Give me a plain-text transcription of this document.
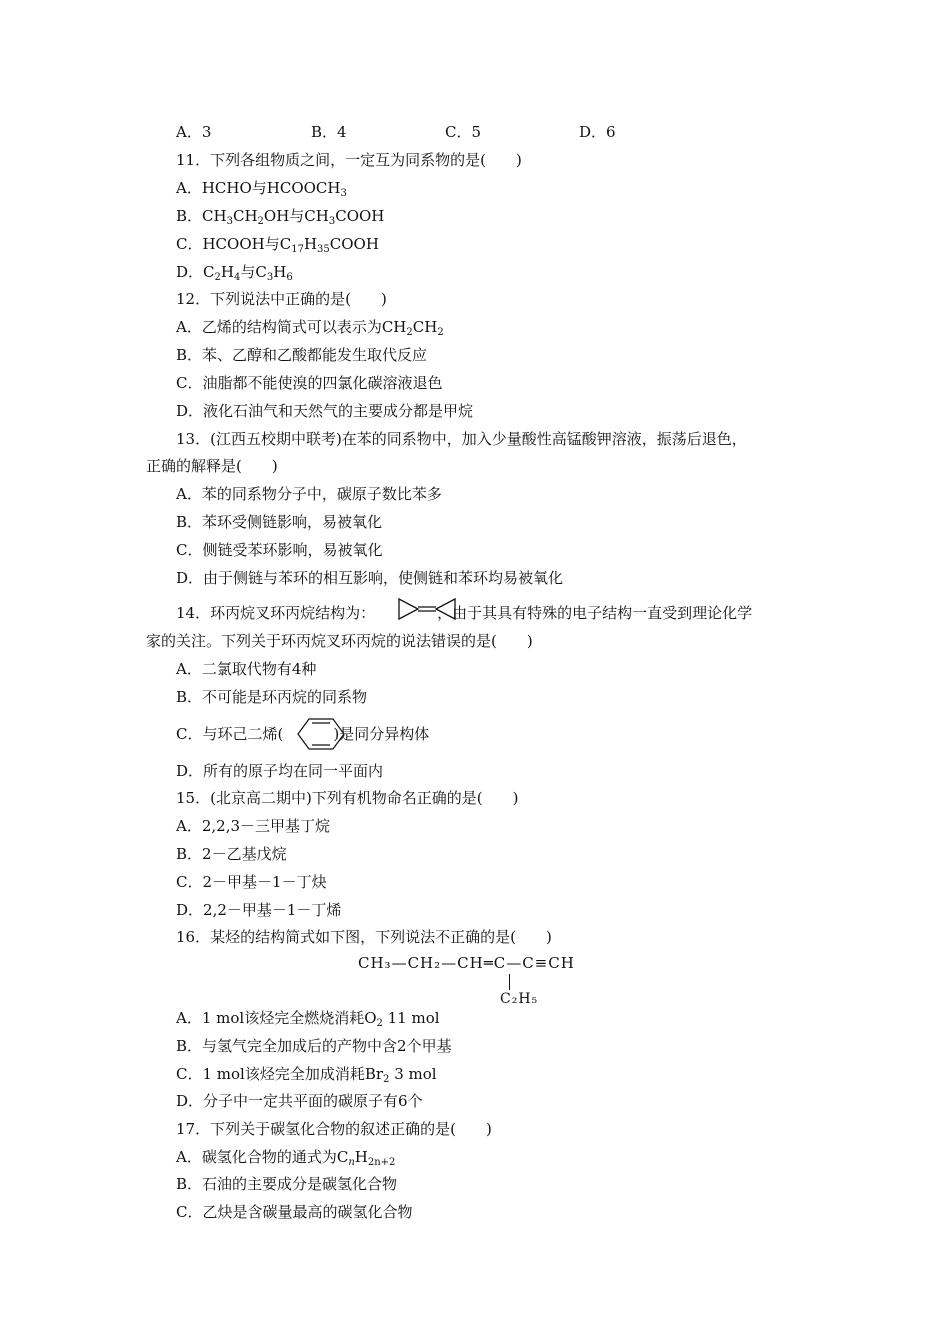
A．3	B．4	C．5	D．6
11．下列各组物质之间，一定互为同系物的是(　　)
A．HCHO与$HCOOCH_3$
B．$CH_3CH_2OH$与$CH_3COOH$
C．HCOOH与$C_{17}H_{35}COOH$
D．$C_2H_4$与$C_3H_6$
12．下列说法中正确的是(　　)
A．乙烯的结构简式可以表示为$CH_2CH_2$
B．苯、乙醇和乙酸都能发生取代反应
C．油脂都不能使溴的四氯化碳溶液退色
D．液化石油气和天然气的主要成分都是甲烷
13．(江西五校期中联考)在苯的同系物中，加入少量酸性高锰酸钾溶液，振荡后退色，
正确的解释是(　　)
A．苯的同系物分子中，碳原子数比苯多
B．苯环受侧链影响，易被氧化
C．侧链受苯环影响，易被氧化
D．由于侧链与苯环的相互影响，使侧链和苯环均易被氧化
14．环丙烷叉环丙烷结构为：	，由于其具有特殊的电子结构一直受到理论化学
家的关注。下列关于环丙烷叉环丙烷的说法错误的是(　　)
A．二氯取代物有4种
B．不可能是环丙烷的同系物
C．与环己二烯(	)是同分异构体
D．所有的原子均在同一平面内
15．(北京高二期中)下列有机物命名正确的是(　　)
A．2,2,3－三甲基丁烷
B．2－乙基戊烷
C．2－甲基－1－丁炔
D．2,2－甲基－1－丁烯
16．某烃的结构简式如下图，下列说法不正确的是(　　)
CH₃—CH₂—CH═C—C≡CH
C₂H₅
A．1 mol该烃完全燃烧消耗$O_2$ 11 mol
B．与氢气完全加成后的产物中含2个甲基
C．1 mol该烃完全加成消耗$Br_2$ 3 mol
D．分子中一定共平面的碳原子有6个
17．下列关于碳氢化合物的叙述正确的是(　　)
A．碳氢化合物的通式为$C_nH_{2n+2}$
B．石油的主要成分是碳氢化合物
C．乙炔是含碳量最高的碳氢化合物
